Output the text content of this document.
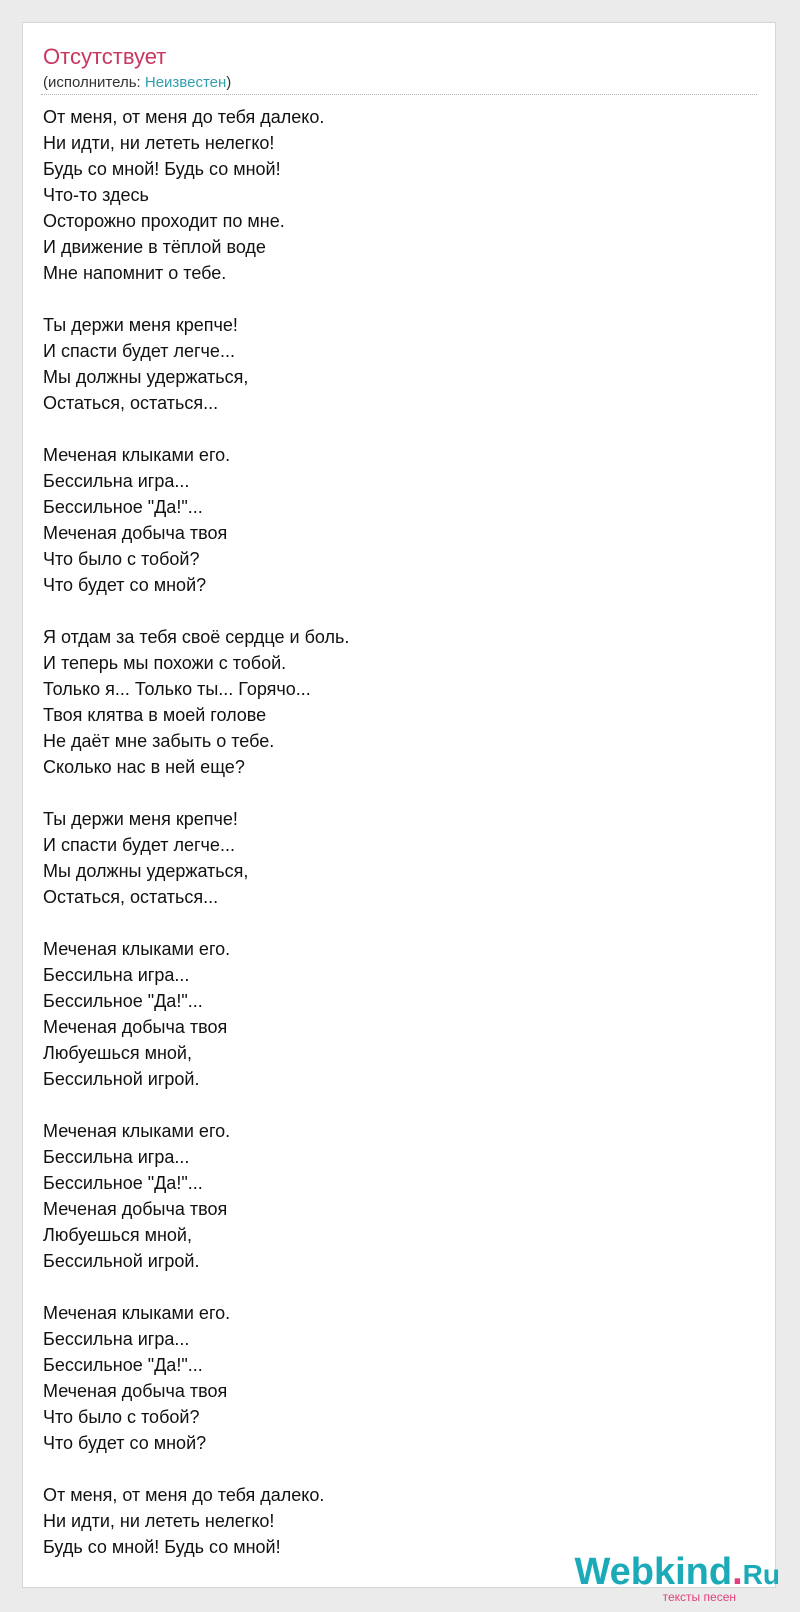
Отсутствует
(исполнитель: Неизвестен)
От меня, от меня до тебя далеко.
Ни идти, ни лететь нелегко!
Будь со мной! Будь со мной!
Что-то здесь
Осторожно проходит по мне.
И движение в тёплой воде
Мне напомнит о тебе.
Ты держи меня крепче!
И спасти будет легче...
Мы должны удержаться,
Остаться, остаться...
Меченая клыками его.
Бессильна игра...
Бессильное "Да!"...
Меченая добыча твоя
Что было с тобой?
Что будет со мной?
Я отдам за тебя своё сердце и боль.
И теперь мы похожи с тобой.
Только я... Только ты... Горячо...
Твоя клятва в моей голове
Не даёт мне забыть о тебе.
Сколько нас в ней еще?
Ты держи меня крепче!
И спасти будет легче...
Мы должны удержаться,
Остаться, остаться...
Меченая клыками его.
Бессильна игра...
Бессильное "Да!"...
Меченая добыча твоя
Любуешься мной,
Бессильной игрой.
Меченая клыками его.
Бессильна игра...
Бессильное "Да!"...
Меченая добыча твоя
Любуешься мной,
Бессильной игрой.
Меченая клыками его.
Бессильна игра...
Бессильное "Да!"...
Меченая добыча твоя
Что было с тобой?
Что будет со мной?
От меня, от меня до тебя далеко.
Ни идти, ни лететь нелегко!
Будь со мной! Будь со мной!
Webkind.Ru
тексты песен
